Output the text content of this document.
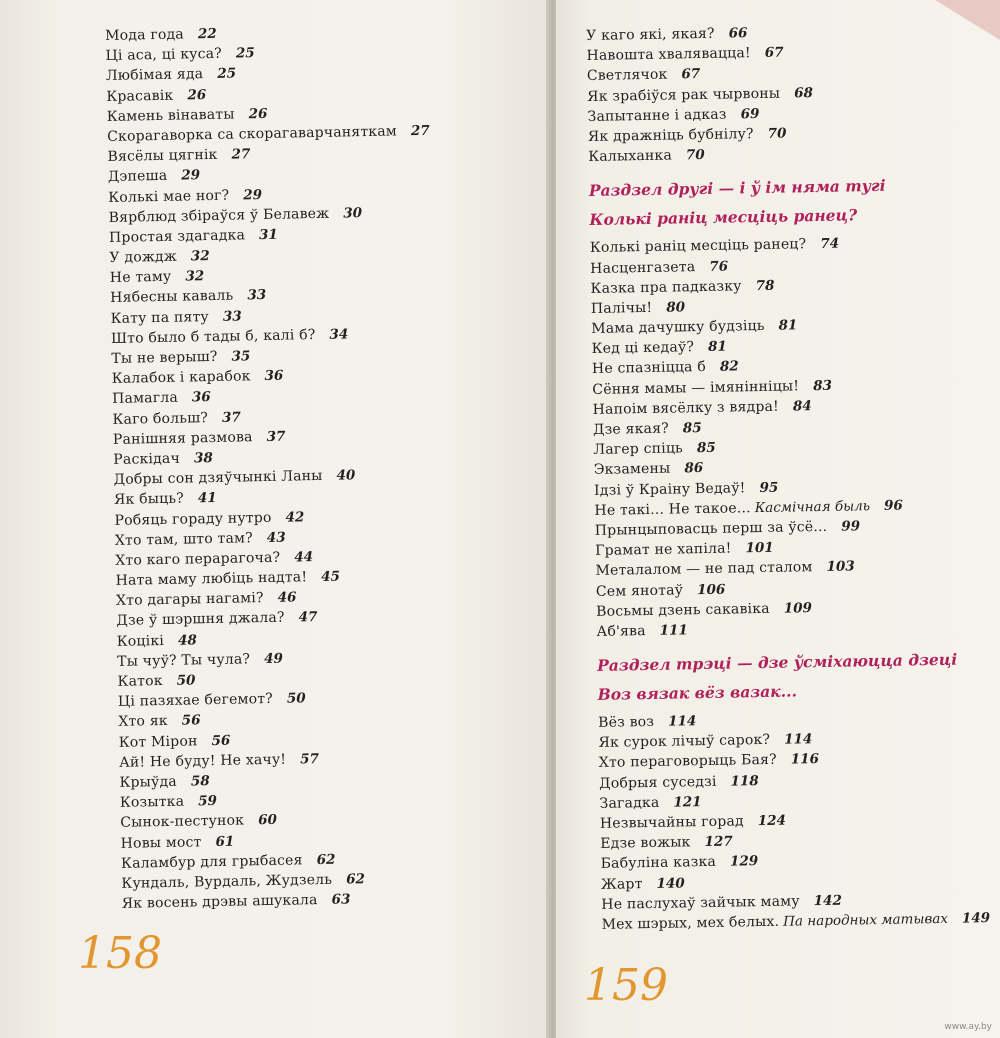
Мода года 22
Ці аса, ці куса? 25
Любімая яда 25
Красавік 26
Камень вінаваты 26
Скорагаворка са скорагаварчаняткам 27
Вясёлы цягнік 27
Дэпеша 29
Колькі мае ног? 29
Вярблюд збіраўся ў Белавеж 30
Простая здагадка 31
У дождж 32
Не таму 32
Нябесны каваль 33
Кату па пяту 33
Што было б тады б, калі б? 34
Ты не верыш? 35
Калабок і карабок 36
Памагла 36
Каго больш? 37
Ранішняя размова 37
Раскідач 38
Добры сон дзяўчынкі Ланы 40
Як быць? 41
Робяць гораду нутро 42
Хто там, што там? 43
Хто каго перарагоча? 44
Ната маму любіць надта! 45
Хто дагары нагамі? 46
Дзе ў шэршня джала? 47
Коцікі 48
Ты чуў? Ты чула? 49
Каток 50
Ці пазяхае бегемот? 50
Хто як 56
Кот Мірон 56
Ай! Не буду! Не хачу! 57
Крыўда 58
Козытка 59
Сынок-пестунок 60
Новы мост 61
Каламбур для грыбасея 62
Кундаль, Вурдаль, Жудзель 62
Як восень дрэвы ашукала 63
158
У каго які, якая? 66
Навошта хваляваццa! 67
Светлячок 67
Як зрабіўся рак чырвоны 68
Запытанне і адказ 69
Як дражніць бубнілу? 70
Калыханка 70
Раздзел другі — і ў ім няма тугі
Колькі раніц месціць ранец?
Колькі раніц месціць ранец? 74
Насценгазета 76
Казка пра падказку 78
Палічы! 80
Мама дачушку будзіць 81
Кед ці кедаў? 81
Не спазніцца б 82
Сёння мамы — імянінніцы! 83
Напоім вясёлку з вядра! 84
Дзе якая? 85
Лагер спіць 85
Экзамены 86
Ідзі ў Краіну Ведаў! 95
Не такі... Не такое... Касмічная быль 96
Прынцыповасць перш за ўсё... 99
Грамат не хапіла! 101
Металалом — не пад сталом 103
Сем янотаў 106
Восьмы дзень сакавіка 109
Аб'ява 111
Раздзел трэці — дзе ўсміхаюцца дзеці
Воз вязак вёз вазак...
Вёз воз 114
Як сурок лічыў сарок? 114
Хто пераговорыць Бая? 116
Добрыя суседзі 118
Загадка 121
Незвычайны горад 124
Едзе вожык 127
Бабуліна казка 129
Жарт 140
Не паслухаў зайчык маму 142
Мех шэрых, мех белых. Па народных матывах 149
159
www.ay.by
